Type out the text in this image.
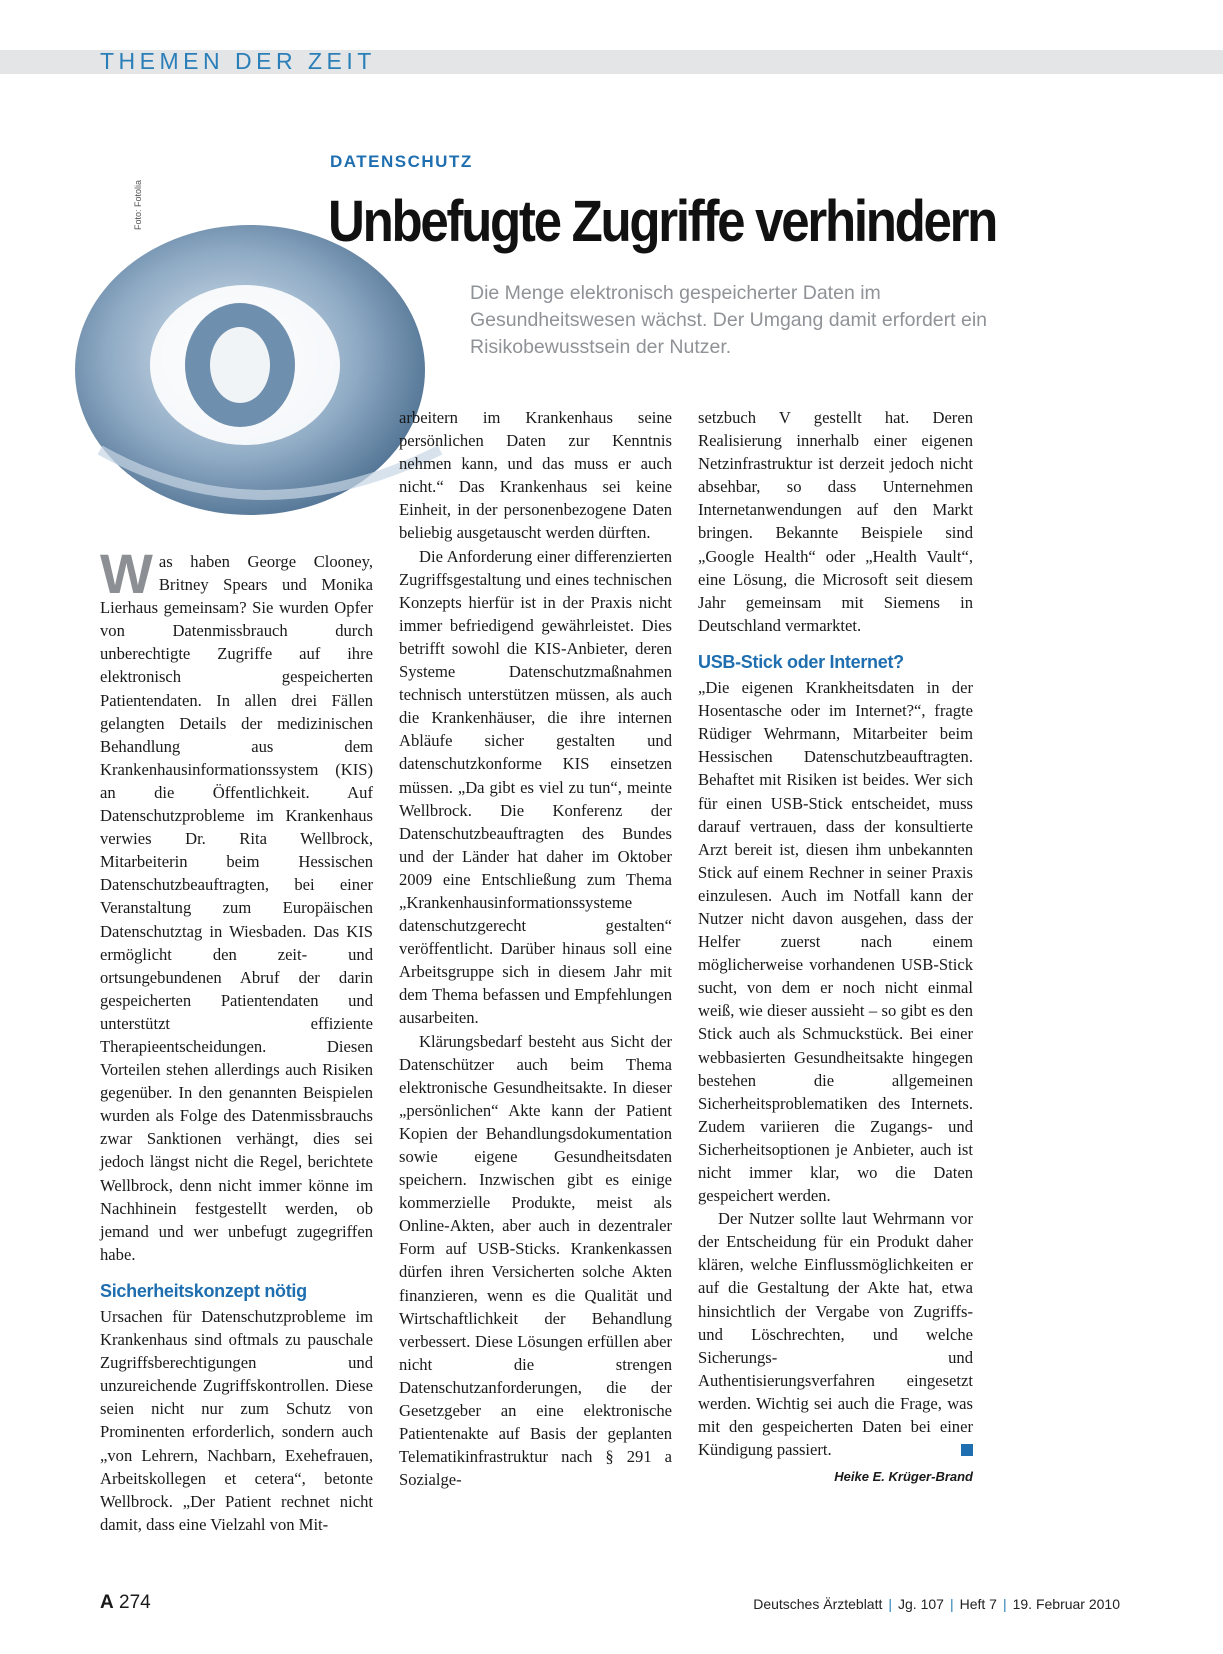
THEMEN DER ZEIT
Foto: Fotolia
DATENSCHUTZ
Unbefugte Zugriffe verhindern
Die Menge elektronisch gespeicherter Daten im Gesundheitswesen wächst. Der Umgang damit erfordert ein Risikobewusstsein der Nutzer.

Was haben George Clooney, Britney Spears und Monika Lierhaus gemeinsam? Sie wurden Opfer von Datenmissbrauch durch unberechtigte Zugriffe auf ihre elektronisch gespeicherten Patientendaten. In allen drei Fällen gelangten Details der medizinischen Behandlung aus dem Krankenhausinformationssystem (KIS) an die Öffentlichkeit. Auf Datenschutzprobleme im Krankenhaus verwies Dr. Rita Wellbrock, Mitarbeiterin beim Hessischen Datenschutzbeauftragten, bei einer Veranstaltung zum Europäischen Datenschutztag in Wiesbaden. Das KIS ermöglicht den zeit- und ortsungebundenen Abruf der darin gespeicherten Patientendaten und unterstützt effiziente Therapieentscheidungen. Diesen Vorteilen stehen allerdings auch Risiken gegenüber. In den genannten Beispielen wurden als Folge des Datenmissbrauchs zwar Sanktionen verhängt, dies sei jedoch längst nicht die Regel, berichtete Wellbrock, denn nicht immer könne im Nachhinein festgestellt werden, ob jemand und wer unbefugt zugegriffen habe.

Sicherheitskonzept nötig

Ursachen für Datenschutzprobleme im Krankenhaus sind oftmals zu pauschale Zugriffsberechtigungen und unzureichende Zugriffskontrollen. Diese seien nicht nur zum Schutz von Prominenten erforderlich, sondern auch „von Lehrern, Nachbarn, Exehefrauen, Arbeitskollegen et cetera“, betonte Wellbrock. „Der Patient rechnet nicht damit, dass eine Vielzahl von Mit-

arbeitern im Krankenhaus seine persönlichen Daten zur Kenntnis nehmen kann, und das muss er auch nicht.“ Das Krankenhaus sei keine Einheit, in der personenbezogene Daten beliebig ausgetauscht werden dürften.

Die Anforderung einer differenzierten Zugriffsgestaltung und eines technischen Konzepts hierfür ist in der Praxis nicht immer befriedigend gewährleistet. Dies betrifft sowohl die KIS-Anbieter, deren Systeme Datenschutzmaßnahmen technisch unterstützen müssen, als auch die Krankenhäuser, die ihre internen Abläufe sicher gestalten und datenschutzkonforme KIS einsetzen müssen. „Da gibt es viel zu tun“, meinte Wellbrock. Die Konferenz der Datenschutzbeauftragten des Bundes und der Länder hat daher im Oktober 2009 eine Entschließung zum Thema „Krankenhausinformationssysteme datenschutzgerecht gestalten“ veröffentlicht. Darüber hinaus soll eine Arbeitsgruppe sich in diesem Jahr mit dem Thema befassen und Empfehlungen ausarbeiten.

Klärungsbedarf besteht aus Sicht der Datenschützer auch beim Thema elektronische Gesundheitsakte. In dieser „persönlichen“ Akte kann der Patient Kopien der Behandlungsdokumentation sowie eigene Gesundheitsdaten speichern. Inzwischen gibt es einige kommerzielle Produkte, meist als Online-Akten, aber auch in dezentraler Form auf USB-Sticks. Krankenkassen dürfen ihren Versicherten solche Akten finanzieren, wenn es die Qualität und Wirtschaftlichkeit der Behandlung verbessert. Diese Lösungen erfüllen aber nicht die strengen Datenschutzanforderungen, die der Gesetzgeber an eine elektronische Patientenakte auf Basis der geplanten Telematikinfrastruktur nach § 291 a Sozialge-

setzbuch V gestellt hat. Deren Realisierung innerhalb einer eigenen Netzinfrastruktur ist derzeit jedoch nicht absehbar, so dass Unternehmen Internetanwendungen auf den Markt bringen. Bekannte Beispiele sind „Google Health“ oder „Health Vault“, eine Lösung, die Microsoft seit diesem Jahr gemeinsam mit Siemens in Deutschland vermarktet.

USB-Stick oder Internet?

„Die eigenen Krankheitsdaten in der Hosentasche oder im Internet?“, fragte Rüdiger Wehrmann, Mitarbeiter beim Hessischen Datenschutzbeauftragten. Behaftet mit Risiken ist beides. Wer sich für einen USB-Stick entscheidet, muss darauf vertrauen, dass der konsultierte Arzt bereit ist, diesen ihm unbekannten Stick auf einem Rechner in seiner Praxis einzulesen. Auch im Notfall kann der Nutzer nicht davon ausgehen, dass der Helfer zuerst nach einem möglicherweise vorhandenen USB-Stick sucht, von dem er noch nicht einmal weiß, wie dieser aussieht – so gibt es den Stick auch als Schmuckstück. Bei einer webbasierten Gesundheitsakte hingegen bestehen die allgemeinen Sicherheitsproblematiken des Internets. Zudem variieren die Zugangs- und Sicherheitsoptionen je Anbieter, auch ist nicht immer klar, wo die Daten gespeichert werden.

Der Nutzer sollte laut Wehrmann vor der Entscheidung für ein Produkt daher klären, welche Einflussmöglichkeiten er auf die Gestaltung der Akte hat, etwa hinsichtlich der Vergabe von Zugriffs- und Löschrechten, und welche Sicherungs- und Authentisierungsverfahren eingesetzt werden. Wichtig sei auch die Frage, was mit den gespeicherten Daten bei einer Kündigung passiert.

Heike E. Krüger-Brand
A 274	Deutsches Ärzteblatt | Jg. 107 | Heft 7 | 19. Februar 2010
